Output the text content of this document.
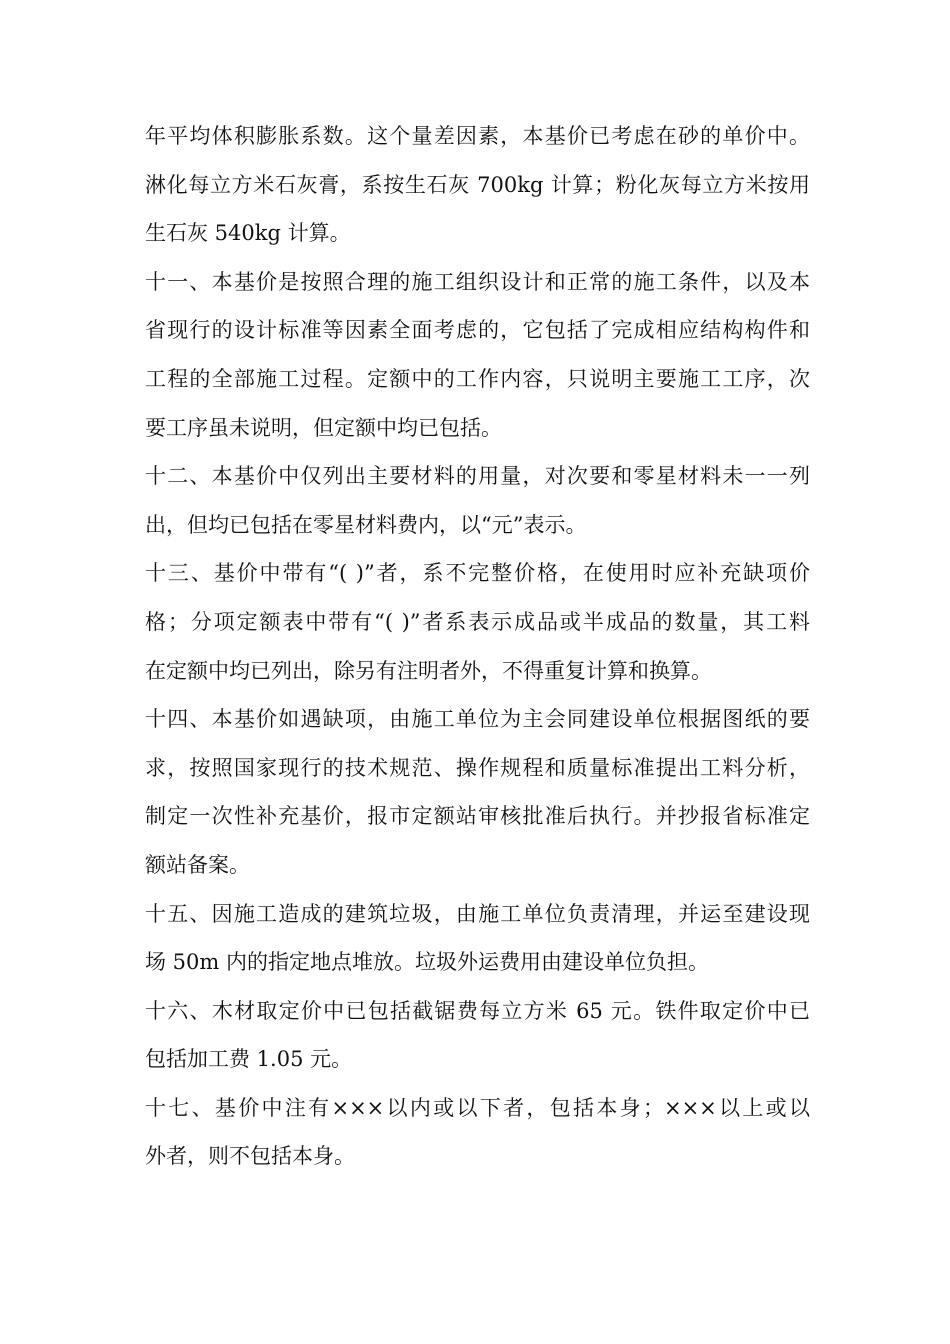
年平均体积膨胀系数。这个量差因素，本基价已考虑在砂的单价中。
淋化每立方米石灰膏，系按生石灰 700kg 计算；粉化灰每立方米按用
生石灰 540kg 计算。
十一、本基价是按照合理的施工组织设计和正常的施工条件，以及本
省现行的设计标准等因素全面考虑的，它包括了完成相应结构构件和
工程的全部施工过程。定额中的工作内容，只说明主要施工工序，次
要工序虽未说明，但定额中均已包括。
十二、本基价中仅列出主要材料的用量，对次要和零星材料未一一列
出，但均已包括在零星材料费内，以“元”表示。
十三、基价中带有“( )”者，系不完整价格，在使用时应补充缺项价
格；分项定额表中带有“( )”者系表示成品或半成品的数量，其工料
在定额中均已列出，除另有注明者外，不得重复计算和换算。
十四、本基价如遇缺项，由施工单位为主会同建设单位根据图纸的要
求，按照国家现行的技术规范、操作规程和质量标准提出工料分析，
制定一次性补充基价，报市定额站审核批准后执行。并抄报省标准定
额站备案。
十五、因施工造成的建筑垃圾，由施工单位负责清理，并运至建设现
场 50m 内的指定地点堆放。垃圾外运费用由建设单位负担。
十六、木材取定价中已包括截锯费每立方米 65 元。铁件取定价中已
包括加工费 1.05 元。
十七、基价中注有×××以内或以下者，包括本身；×××以上或以
外者，则不包括本身。
